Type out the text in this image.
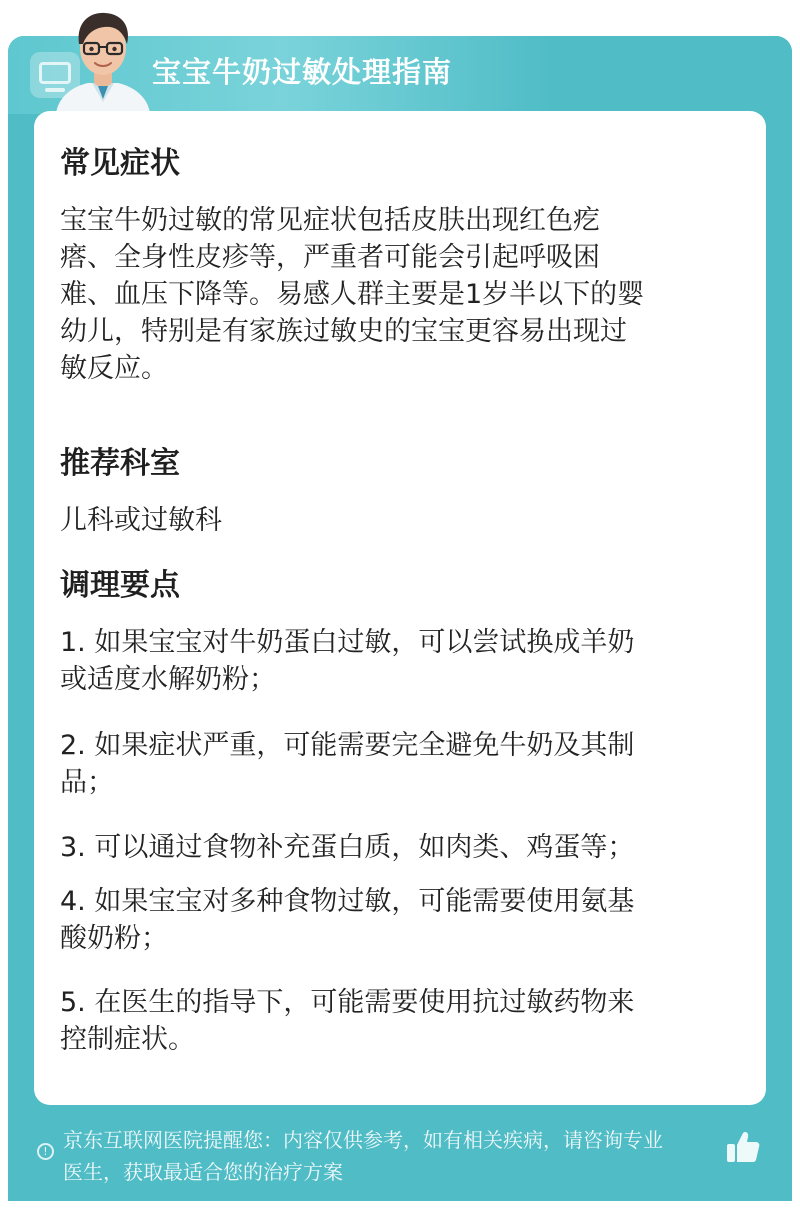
宝宝牛奶过敏处理指南
常见症状
宝宝牛奶过敏的常见症状包括皮肤出现红色疙
瘩、全身性皮疹等，严重者可能会引起呼吸困
难、血压下降等。易感人群主要是1岁半以下的婴
幼儿，特别是有家族过敏史的宝宝更容易出现过
敏反应。
推荐科室
儿科或过敏科
调理要点
1. 如果宝宝对牛奶蛋白过敏，可以尝试换成羊奶
或适度水解奶粉；
2. 如果症状严重，可能需要完全避免牛奶及其制
品；
3. 可以通过食物补充蛋白质，如肉类、鸡蛋等；
4. 如果宝宝对多种食物过敏，可能需要使用氨基
酸奶粉；
5. 在医生的指导下，可能需要使用抗过敏药物来
控制症状。
! 京东互联网医院提醒您：内容仅供参考，如有相关疾病，请咨询专业
医生，获取最适合您的治疗方案
